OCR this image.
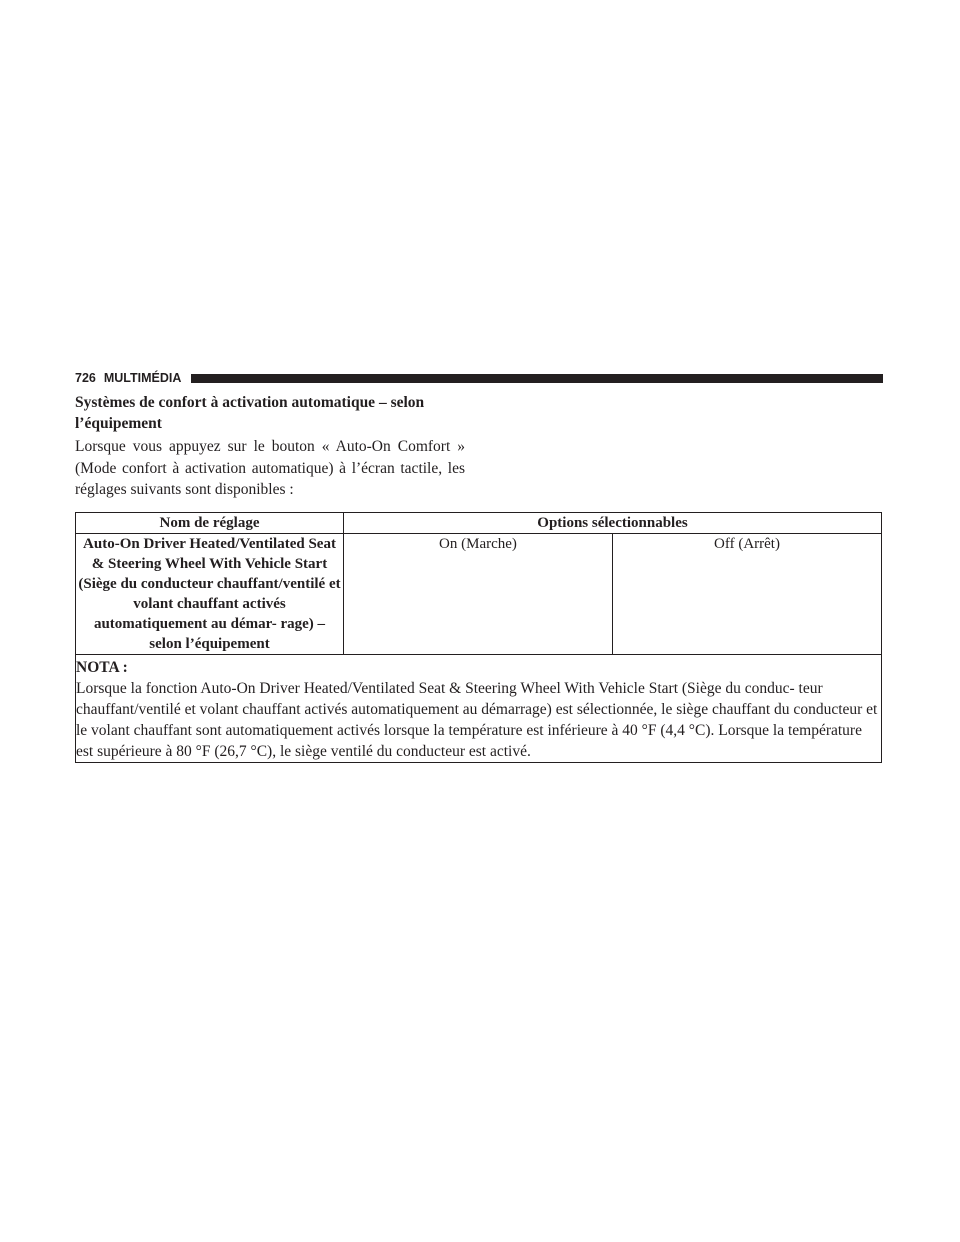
726 MULTIMÉDIA
Systèmes de confort à activation automatique – selon l’équipement
Lorsque vous appuyez sur le bouton « Auto-On Comfort » (Mode confort à activation automatique) à l’écran tactile, les réglages suivants sont disponibles :
Nom de réglage	Options sélectionnables	
Auto-On Driver Heated/Ventilated Seat & Steering Wheel With Vehicle Start (Siège du conducteur chauffant/ventilé et volant chauffant activés automatiquement au démar- rage) – selon l’équipement	On (Marche)	Off (Arrêt)

NOTA :
Lorsque la fonction Auto-On Driver Heated/Ventilated Seat & Steering Wheel With Vehicle Start (Siège du conduc- teur chauffant/ventilé et volant chauffant activés automatiquement au démarrage) est sélectionnée, le siège chauffant du conducteur et le volant chauffant sont automatiquement activés lorsque la température est inférieure à 40 °F (4,4 °C). Lorsque la température est supérieure à 80 °F (26,7 °C), le siège ventilé du conducteur est activé.		
